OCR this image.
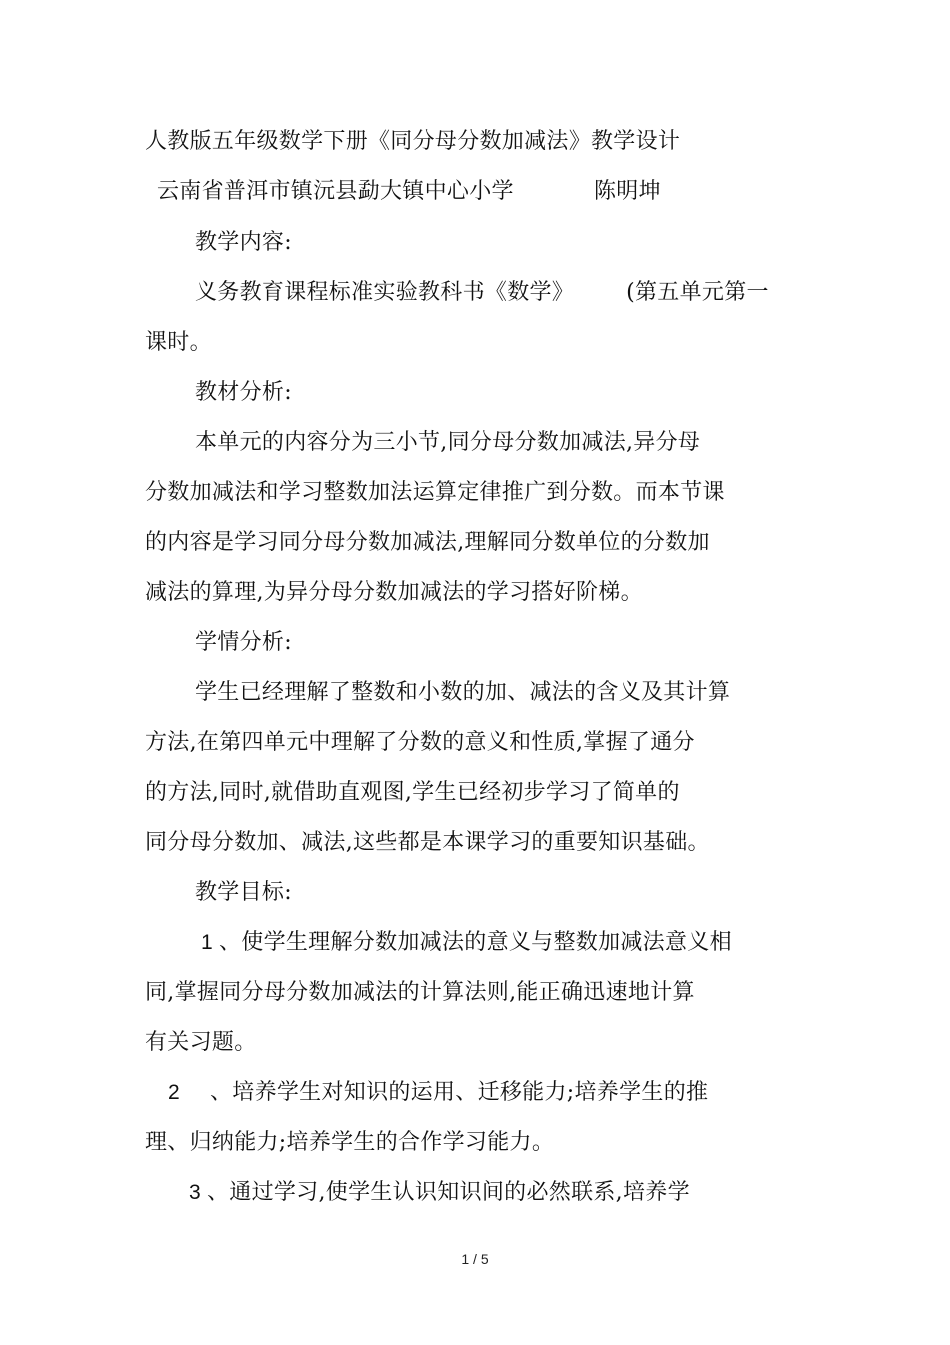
人教版五年级数学下册《同分母分数加减法》教学设计
云南省普洱市镇沅县勐大镇中心小学	陈明坤
教学内容:
义务教育课程标准实验教科书《数学》 (第五单元第一
课时。
教材分析:
本单元的内容分为三小节,同分母分数加减法,异分母
分数加减法和学习整数加法运算定律推广到分数。而本节课
的内容是学习同分母分数加减法,理解同分数单位的分数加
减法的算理,为异分母分数加减法的学习搭好阶梯。
学情分析:
学生已经理解了整数和小数的加、减法的含义及其计算
方法,在第四单元中理解了分数的意义和性质,掌握了通分
的方法,同时,就借助直观图,学生已经初步学习了简单的
同分母分数加、减法,这些都是本课学习的重要知识基础。
教学目标:
1 、使学生理解分数加减法的意义与整数加减法意义相
同,掌握同分母分数加减法的计算法则,能正确迅速地计算
有关习题。
2 、培养学生对知识的运用、迁移能力;培养学生的推
理、归纳能力;培养学生的合作学习能力。
3 、通过学习,使学生认识知识间的必然联系,培养学
1 / 5
